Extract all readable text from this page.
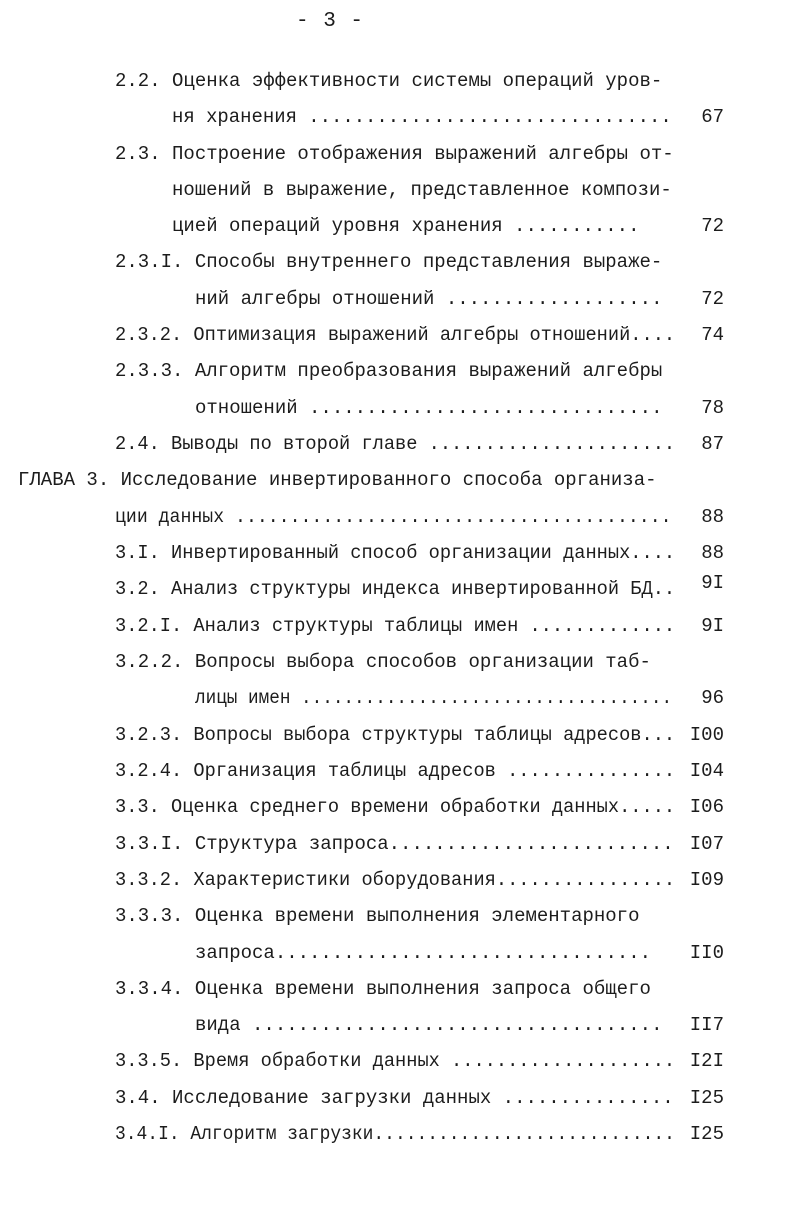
- 3 -
2.2. Оценка эффективности системы операций уров-
ня хранения ................................	67
2.3. Построение отображения выражений алгебры от-
ношений в выражение, представленное компози-
цией операций уровня хранения ...........	72
2.3.I. Способы внутреннего представления выраже-
ний алгебры отношений ...................	72
2.3.2. Оптимизация выражений алгебры отношений....	74
2.3.3. Алгоритм преобразования выражений алгебры
отношений ...............................	78
2.4. Выводы по второй главе ......................	87
ГЛАВА 3. Исследование инвертированного способа организа-
ции данных ........................................	88
3.I. Инвертированный способ организации данных....	88
3.2. Анализ структуры индекса инвертированной БД..	9I
3.2.I. Анализ структуры таблицы имен .............	9I
3.2.2. Вопросы выбора способов организации таб-
лицы имен ...................................	96
3.2.3. Вопросы выбора структуры таблицы адресов... I00
3.2.4. Организация таблицы адресов ............... I04
3.3. Оценка среднего времени обработки данных..... I06
3.3.I. Структура запроса......................... I07
3.3.2. Характеристики оборудования................ I09
3.3.3. Оценка времени выполнения элементарного
запроса.................................	II0
3.3.4. Оценка времени выполнения запроса общего
вида ....................................	II7
3.3.5. Время обработки данных .................... I2I
3.4. Исследование загрузки данных ............... I25
3.4.I. Алгоритм загрузки............................ I25
